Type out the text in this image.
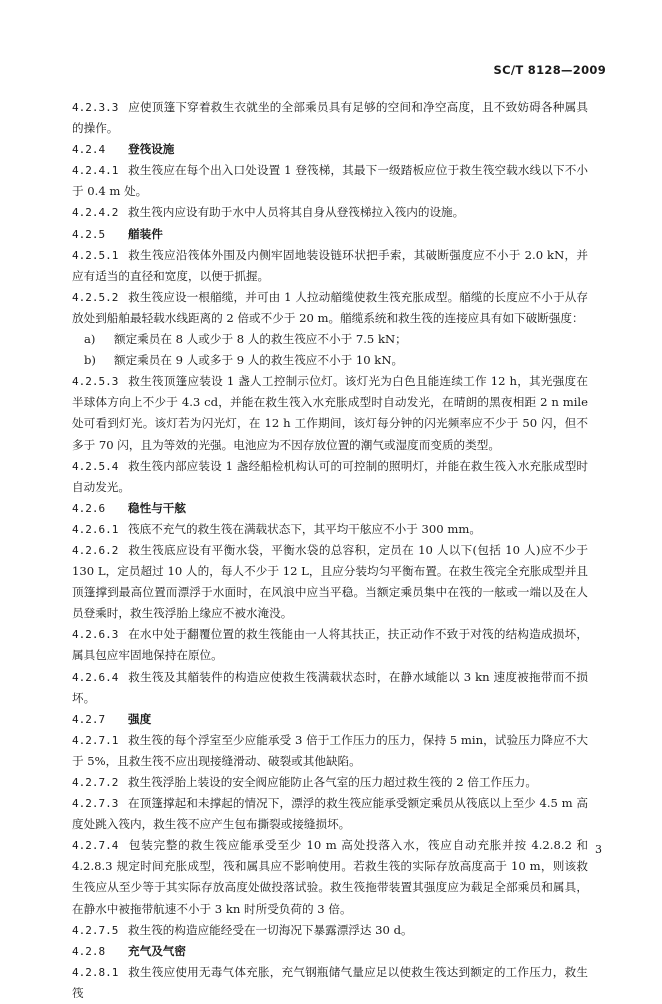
SC/T 8128—2009
4.2.3.3 应使顶篷下穿着救生衣就坐的全部乘员具有足够的空间和净空高度，且不致妨碍各种属具的操作。
4.2.4 登筏设施
4.2.4.1 救生筏应在每个出入口处设置 1 登筏梯，其最下一级踏板应位于救生筏空载水线以下不小于 0.4 m 处。
4.2.4.2 救生筏内应设有助于水中人员将其自身从登筏梯拉入筏内的设施。
4.2.5 艏装件
4.2.5.1 救生筏应沿筏体外围及内侧牢固地装设链环状把手索，其破断强度应不小于 2.0 kN，并应有适当的直径和宽度，以便于抓握。
4.2.5.2 救生筏应设一根艏缆，并可由 1 人拉动艏缆使救生筏充胀成型。艏缆的长度应不小于从存放处到船舶最轻载水线距离的 2 倍或不少于 20 m。艏缆系统和救生筏的连接应具有如下破断强度：
a) 额定乘员在 8 人或少于 8 人的救生筏应不小于 7.5 kN；
b) 额定乘员在 9 人或多于 9 人的救生筏应不小于 10 kN。
4.2.5.3 救生筏顶篷应装设 1 盏人工控制示位灯。该灯光为白色且能连续工作 12 h，其光强度在半球体方向上不少于 4.3 cd，并能在救生筏入水充胀成型时自动发光，在晴朗的黑夜相距 2 n mile 处可看到灯光。该灯若为闪光灯，在 12 h 工作期间，该灯每分钟的闪光频率应不少于 50 闪，但不多于 70 闪，且为等效的光强。电池应为不因存放位置的潮气或湿度而变质的类型。
4.2.5.4 救生筏内部应装设 1 盏经船检机构认可的可控制的照明灯，并能在救生筏入水充胀成型时自动发光。
4.2.6 稳性与干舷
4.2.6.1 筏底不充气的救生筏在满载状态下，其平均干舷应不小于 300 mm。
4.2.6.2 救生筏底应设有平衡水袋，平衡水袋的总容积，定员在 10 人以下(包括 10 人)应不少于 130 L，定员超过 10 人的，每人不少于 12 L，且应分装均匀平衡布置。在救生筏完全充胀成型并且顶篷撑到最高位置而漂浮于水面时，在风浪中应当平稳。当额定乘员集中在筏的一舷或一端以及在人员登乘时，救生筏浮胎上缘应不被水淹没。
4.2.6.3 在水中处于翻覆位置的救生筏能由一人将其扶正，扶正动作不致于对筏的结构造成损坏，属具包应牢固地保持在原位。
4.2.6.4 救生筏及其艏装件的构造应使救生筏满载状态时，在静水域能以 3 kn 速度被拖带而不损坏。
4.2.7 强度
4.2.7.1 救生筏的每个浮室至少应能承受 3 倍于工作压力的压力，保持 5 min，试验压力降应不大于 5%，且救生筏不应出现接缝滑动、破裂或其他缺陷。
4.2.7.2 救生筏浮胎上装设的安全阀应能防止各气室的压力超过救生筏的 2 倍工作压力。
4.2.7.3 在顶篷撑起和未撑起的情况下，漂浮的救生筏应能承受额定乘员从筏底以上至少 4.5 m 高度处跳入筏内，救生筏不应产生包布撕裂或接缝损坏。
4.2.7.4 包装完整的救生筏应能承受至少 10 m 高处投落入水，筏应自动充胀并按 4.2.8.2 和 4.2.8.3 规定时间充胀成型，筏和属具应不影响使用。若救生筏的实际存放高度高于 10 m，则该救生筏应从至少等于其实际存放高度处做投落试验。救生筏拖带装置其强度应为载足全部乘员和属具，在静水中被拖带航速不小于 3 kn 时所受负荷的 3 倍。
4.2.7.5 救生筏的构造应能经受在一切海况下暴露漂浮达 30 d。
4.2.8 充气及气密
4.2.8.1 救生筏应使用无毒气体充胀，充气钢瓶储气量应足以使救生筏达到额定的工作压力，救生筏
3
